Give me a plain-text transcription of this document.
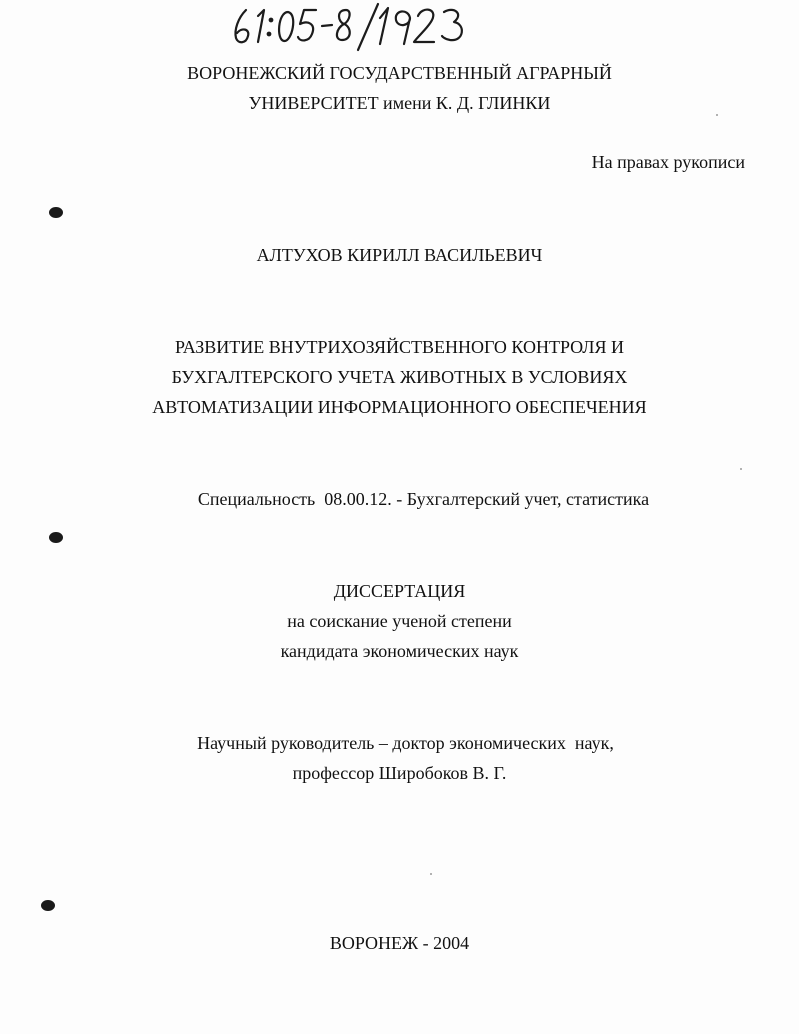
ВОРОНЕЖСКИЙ ГОСУДАРСТВЕННЫЙ АГРАРНЫЙ
УНИВЕРСИТЕТ имени К. Д. ГЛИНКИ
На правах рукописи
АЛТУХОВ КИРИЛЛ ВАСИЛЬЕВИЧ
РАЗВИТИЕ ВНУТРИХОЗЯЙСТВЕННОГО КОНТРОЛЯ И
БУХГАЛТЕРСКОГО УЧЕТА ЖИВОТНЫХ В УСЛОВИЯХ
АВТОМАТИЗАЦИИ ИНФОРМАЦИОННОГО ОБЕСПЕЧЕНИЯ
Специальность  08.00.12. - Бухгалтерский учет, статистика
ДИССЕРТАЦИЯ
на соискание ученой степени
кандидата экономических наук
Научный руководитель – доктор экономических  наук,
профессор Широбоков В. Г.
ВОРОНЕЖ - 2004
